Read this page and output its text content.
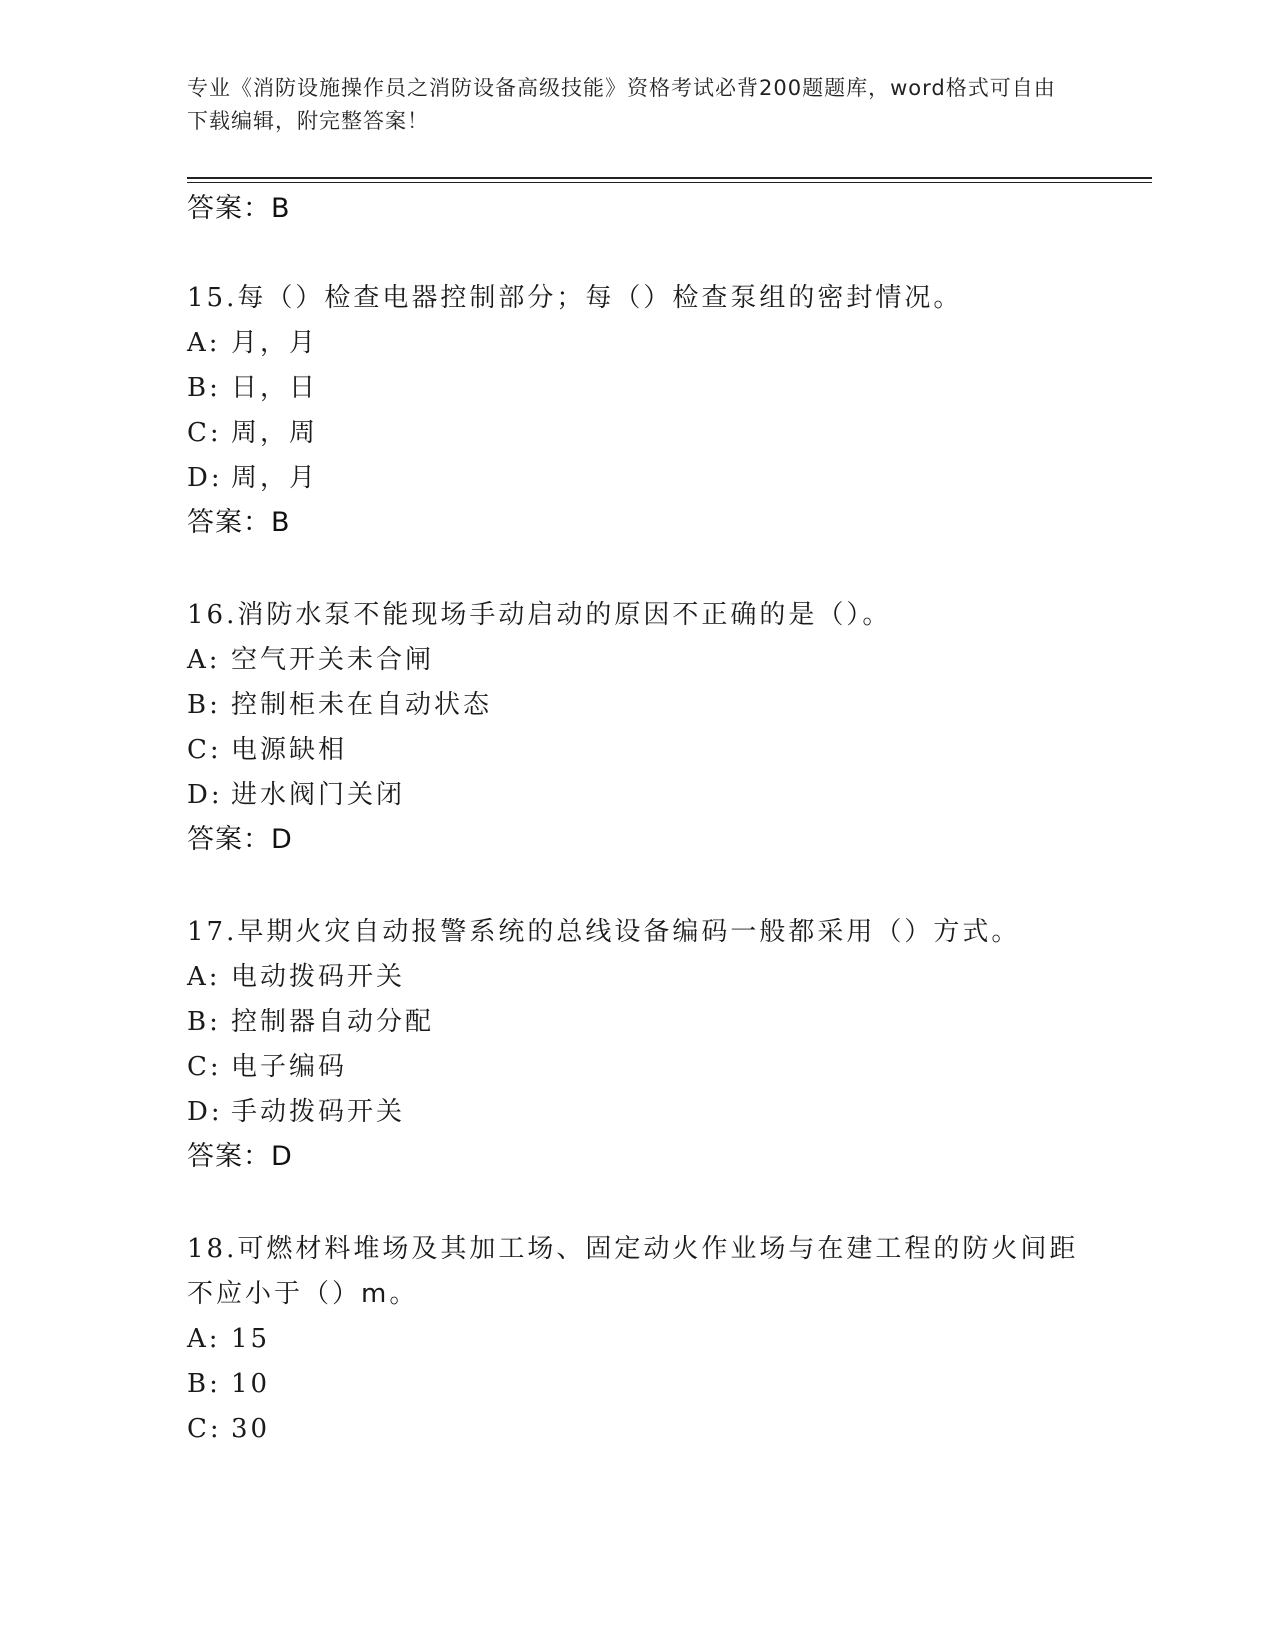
专业《消防设施操作员之消防设备高级技能》资格考试必背200题题库，word格式可自由下载编辑，附完整答案！
答案：B
15.每（）检查电器控制部分；每（）检查泵组的密封情况。
A: 月，月
B: 日，日
C: 周，周
D: 周，月
答案：B
16.消防水泵不能现场手动启动的原因不正确的是（）。
A: 空气开关未合闸
B: 控制柜未在自动状态
C: 电源缺相
D: 进水阀门关闭
答案：D
17.早期火灾自动报警系统的总线设备编码一般都采用（）方式。
A: 电动拨码开关
B: 控制器自动分配
C: 电子编码
D: 手动拨码开关
答案：D
18.可燃材料堆场及其加工场、固定动火作业场与在建工程的防火间距
不应小于（）m。
A: 15
B: 10
C: 30
